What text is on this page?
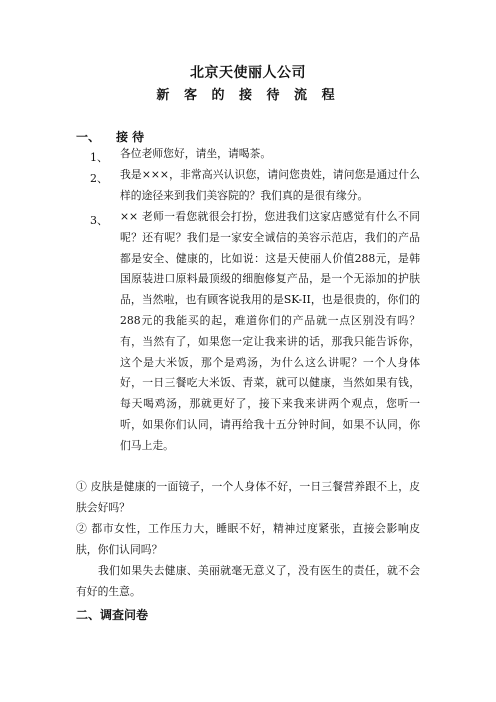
北京天使丽人公司
新 客 的 接 待 流 程
一、 接 待
1、 各位老师您好，请坐，请喝茶。
2、 我是×××，非常高兴认识您，请问您贵姓，请问您是通过什么样的途径来到我们美容院的？我们真的是很有缘分。
3、 ×× 老师一看您就很会打扮，您进我们这家店感觉有什么不同呢？还有呢？我们是一家安全诚信的美容示范店，我们的产品都是安全、健康的，比如说：这是天使丽人价值288元，是韩国原装进口原料最顶级的细胞修复产品，是一个无添加的护肤品，当然啦，也有顾客说我用的是SK-II，也是很贵的，你们的288元的我能买的起，难道你们的产品就一点区别没有吗？有，当然有了，如果您一定让我来讲的话，那我只能告诉你，这个是大米饭，那个是鸡汤，为什么这么讲呢？一个人身体好，一日三餐吃大米饭、青菜，就可以健康，当然如果有钱，每天喝鸡汤，那就更好了，接下来我来讲两个观点，您听一听，如果你们认同，请再给我十五分钟时间，如果不认同，你们马上走。
① 皮肤是健康的一面镜子，一个人身体不好，一日三餐营养跟不上，皮肤会好吗？
② 都市女性，工作压力大，睡眠不好，精神过度紧张，直接会影响皮肤，你们认同吗？
我们如果失去健康、美丽就毫无意义了，没有医生的责任，就不会有好的生意。
二、调查问卷
